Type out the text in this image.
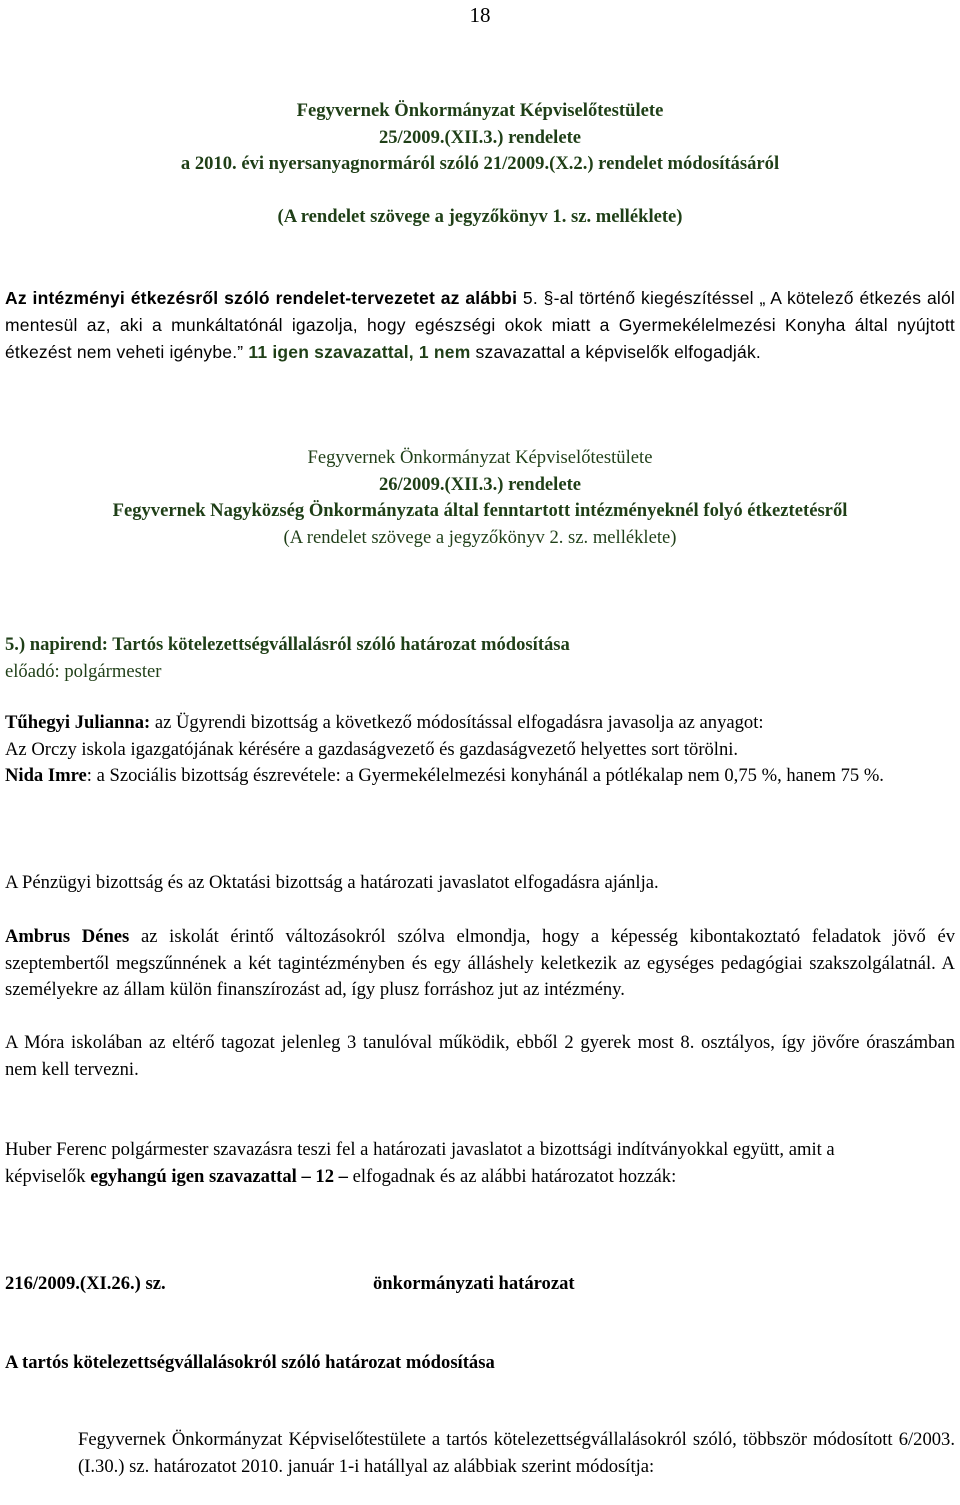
18

Fegyvernek Önkormányzat Képviselőtestülete

25/2009.(XII.3.) rendelete

a 2010. évi nyersanyagnormáról szóló 21/2009.(X.2.) rendelet módosításáról

(A rendelet szövege a jegyzőkönyv 1. sz. melléklete)

Az intézményi étkezésről szóló rendelet-tervezetet az alábbi 5. §-al történő kiegészítéssel „ A kötelező étkezés alól mentesül az, aki a munkáltatónál igazolja, hogy egészségi okok miatt a Gyermekélelmezési Konyha által nyújtott étkezést nem veheti igénybe.” 11 igen szavazattal, 1 nem szavazattal a képviselők elfogadják.

Fegyvernek Önkormányzat Képviselőtestülete

26/2009.(XII.3.) rendelete

Fegyvernek Nagyközség Önkormányzata által fenntartott intézményeknél folyó étkeztetésről

(A rendelet szövege a jegyzőkönyv 2. sz. melléklete)

5.) napirend: Tartós kötelezettségvállalásról szóló határozat módosítása

előadó: polgármester

Tűhegyi Julianna: az Ügyrendi bizottság a következő módosítással elfogadásra javasolja az anyagot:

Az Orczy iskola igazgatójának kérésére a gazdaságvezető és gazdaságvezető helyettes sort törölni.

Nida Imre: a Szociális bizottság észrevétele: a Gyermekélelmezési konyhánál a pótlékalap nem 0,75 %, hanem 75 %.
A Pénzügyi bizottság és az Oktatási bizottság a határozati javaslatot elfogadásra ajánlja.
Ambrus Dénes az iskolát érintő változásokról szólva elmondja, hogy a képesség kibontakoztató feladatok jövő év szeptembertől megszűnnének a két tagintézményben és egy álláshely keletkezik az egységes pedagógiai szakszolgálatnál. A személyekre az állam külön finanszírozást ad, így plusz forráshoz jut az intézmény.
A Móra iskolában az eltérő tagozat jelenleg 3 tanulóval működik, ebből 2 gyerek most 8. osztályos, így jövőre óraszámban nem kell tervezni.
Huber Ferenc polgármester szavazásra teszi fel a határozati javaslatot a bizottsági indítványokkal együtt, amit a képviselők egyhangú igen szavazattal – 12 – elfogadnak és az alábbi határozatot hozzák:
216/2009.(XI.26.) sz.	önkormányzati határozat
A tartós kötelezettségvállalásokról szóló határozat módosítása
Fegyvernek Önkormányzat Képviselőtestülete a tartós kötelezettségvállalásokról szóló, többször módosított 6/2003.(I.30.) sz. határozatot 2010. január 1-i hatállyal az alábbiak szerint módosítja:
